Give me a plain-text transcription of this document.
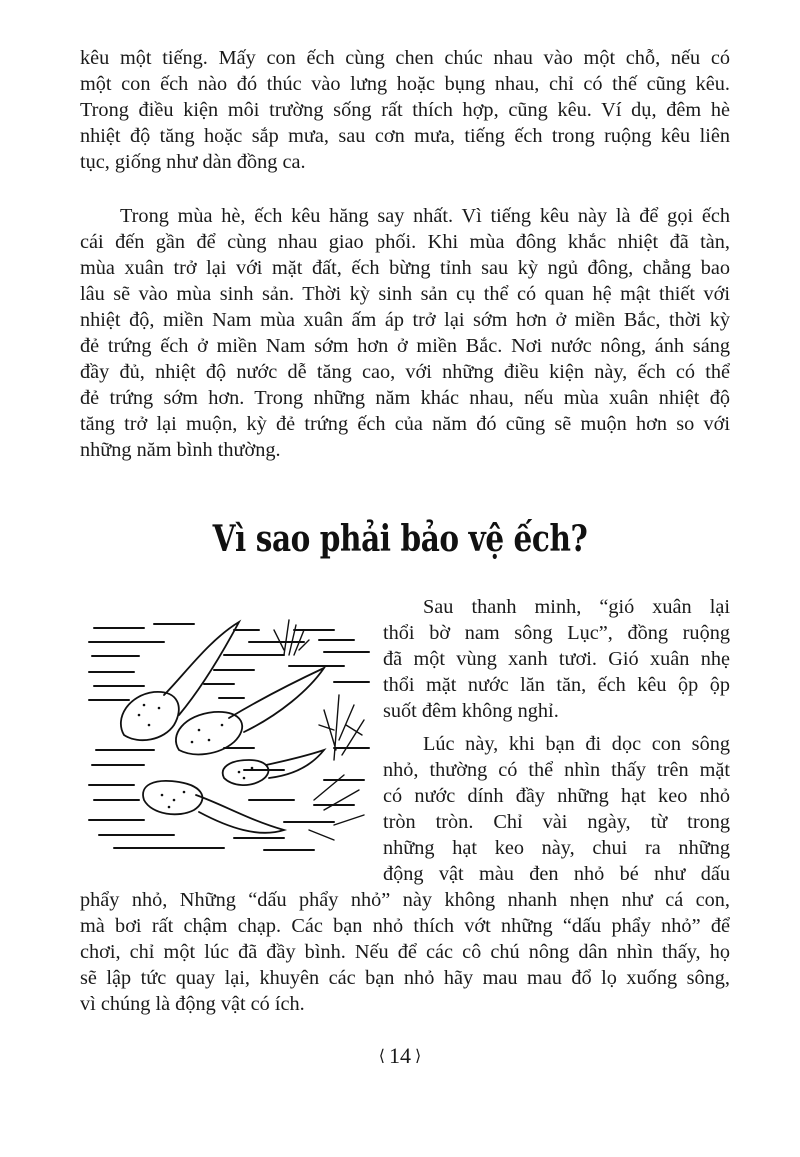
kêu một tiếng. Mấy con ếch cùng chen chúc nhau vào một chỗ, nếu có
một con ếch nào đó thúc vào lưng hoặc bụng nhau, chỉ có thế cũng kêu.
Trong điều kiện môi trường sống rất thích hợp, cũng kêu. Ví dụ, đêm hè
nhiệt độ tăng hoặc sắp mưa, sau cơn mưa, tiếng ếch trong ruộng kêu liên
tục, giống như dàn đồng ca.
Trong mùa hè, ếch kêu hăng say nhất. Vì tiếng kêu này là để gọi ếch
cái đến gần để cùng nhau giao phối. Khi mùa đông khắc nhiệt đã tàn,
mùa xuân trở lại với mặt đất, ếch bừng tỉnh sau kỳ ngủ đông, chẳng bao
lâu sẽ vào mùa sinh sản. Thời kỳ sinh sản cụ thể có quan hệ mật thiết với
nhiệt độ, miền Nam mùa xuân ấm áp trở lại sớm hơn ở miền Bắc, thời kỳ
đẻ trứng ếch ở miền Nam sớm hơn ở miền Bắc. Nơi nước nông, ánh sáng
đầy đủ, nhiệt độ nước dễ tăng cao, với những điều kiện này, ếch có thể
đẻ trứng sớm hơn. Trong những năm khác nhau, nếu mùa xuân nhiệt độ
tăng trở lại muộn, kỳ đẻ trứng ếch của năm đó cũng sẽ muộn hơn so với
những năm bình thường.
Vì sao phải bảo vệ ếch?
Sau thanh minh, “gió xuân lại
thổi bờ nam sông Lục”, đồng ruộng
đã một vùng xanh tươi. Gió xuân nhẹ
thổi mặt nước lăn tăn, ếch kêu ộp ộp
suốt đêm không nghỉ.
Lúc này, khi bạn đi dọc con sông
nhỏ, thường có thể nhìn thấy trên mặt
có nước dính đầy những hạt keo nhỏ
tròn tròn. Chỉ vài ngày, từ trong
những hạt keo này, chui ra những
động vật màu đen nhỏ bé như dấu
phẩy nhỏ, Những “dấu phẩy nhỏ” này không nhanh nhẹn như cá con,
mà bơi rất chậm chạp. Các bạn nhỏ thích vớt những “dấu phẩy nhỏ” để
chơi, chỉ một lúc đã đầy bình. Nếu để các cô chú nông dân nhìn thấy, họ
sẽ lập tức quay lại, khuyên các bạn nhỏ hãy mau mau đổ lọ xuống sông,
vì chúng là động vật có ích.
⟨ 14 ⟩
